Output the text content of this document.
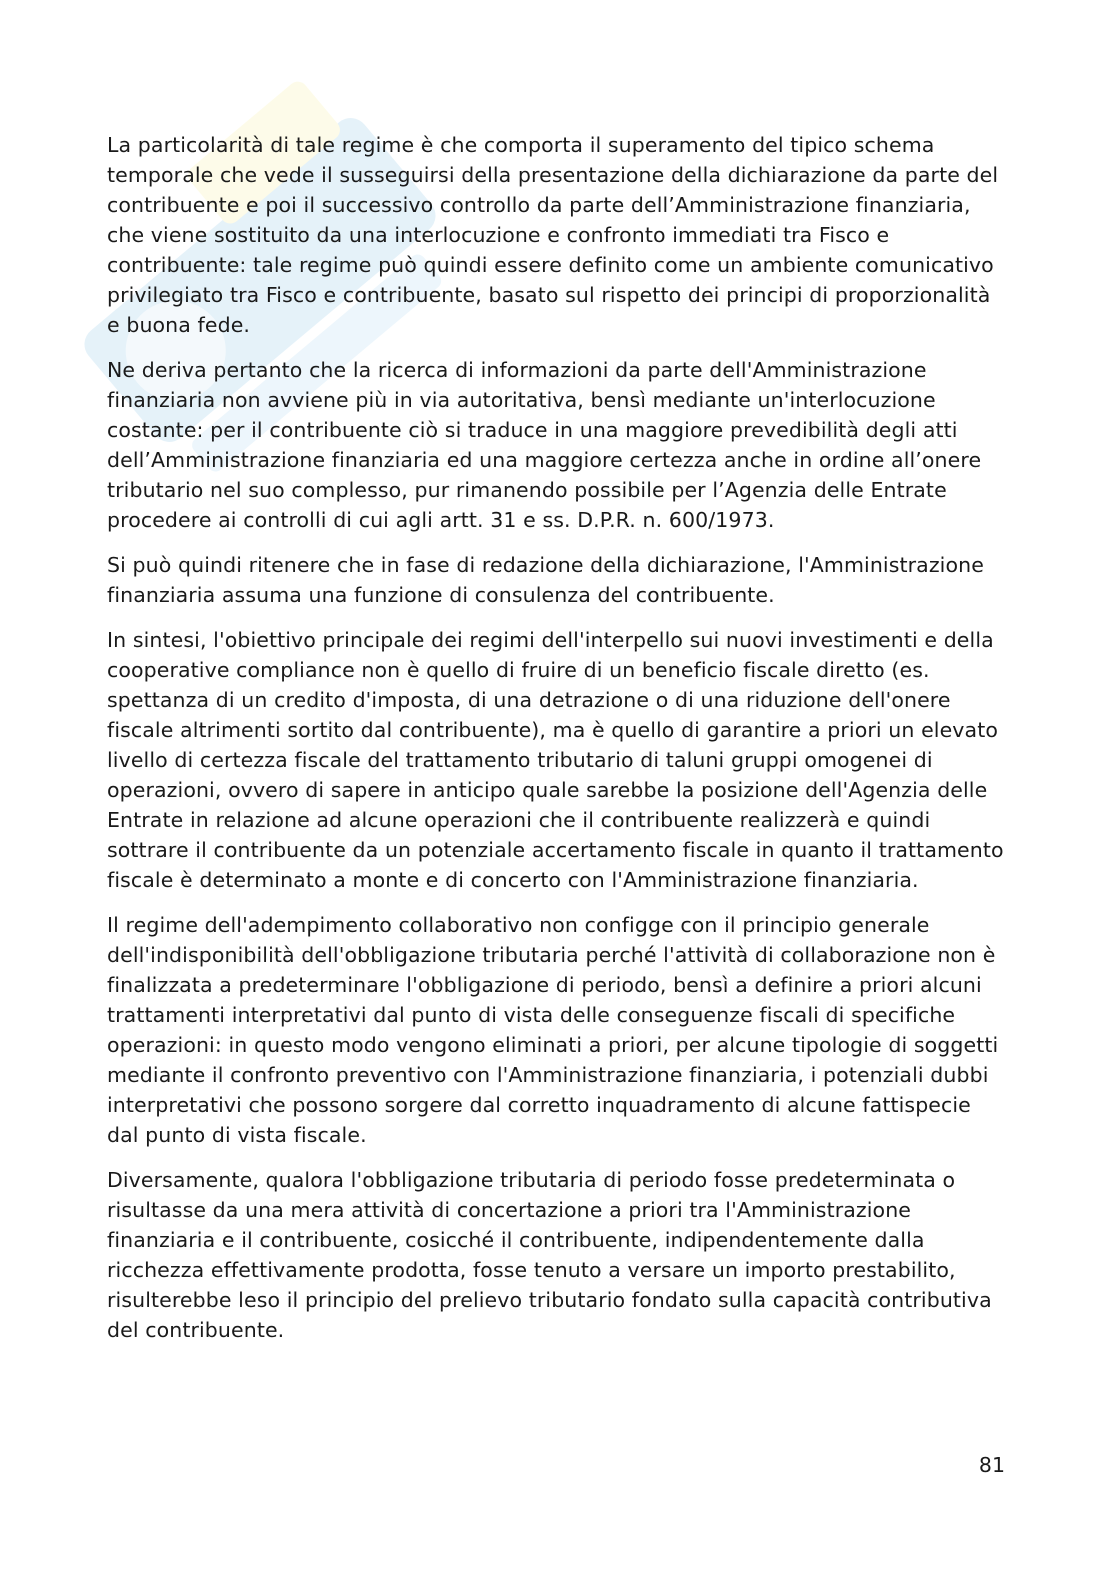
La particolarità di tale regime è che comporta il superamento del tipico schema temporale che vede il susseguirsi della presentazione della dichiarazione da parte del contribuente e poi il successivo controllo da parte dell’Amministrazione finanziaria, che viene sostituito da una interlocuzione e confronto immediati tra Fisco e contribuente: tale regime può quindi essere definito come un ambiente comunicativo privilegiato tra Fisco e contribuente, basato sul rispetto dei principi di proporzionalità e buona fede.

Ne deriva pertanto che la ricerca di informazioni da parte dell'Amministrazione finanziaria non avviene più in via autoritativa, bensì mediante un'interlocuzione costante: per il contribuente ciò si traduce in una maggiore prevedibilità degli atti dell’Amministrazione finanziaria ed una maggiore certezza anche in ordine all’onere tributario nel suo complesso, pur rimanendo possibile per l’Agenzia delle Entrate procedere ai controlli di cui agli artt. 31 e ss. D.P.R. n. 600/1973.

Si può quindi ritenere che in fase di redazione della dichiarazione, l'Amministrazione finanziaria assuma una funzione di consulenza del contribuente.

In sintesi, l'obiettivo principale dei regimi dell'interpello sui nuovi investimenti e della cooperative compliance non è quello di fruire di un beneficio fiscale diretto (es. spettanza di un credito d'imposta, di una detrazione o di una riduzione dell'onere fiscale altrimenti sortito dal contribuente), ma è quello di garantire a priori un elevato livello di certezza fiscale del trattamento tributario di taluni gruppi omogenei di operazioni, ovvero di sapere in anticipo quale sarebbe la posizione dell'Agenzia delle Entrate in relazione ad alcune operazioni che il contribuente realizzerà e quindi sottrare il contribuente da un potenziale accertamento fiscale in quanto il trattamento fiscale è determinato a monte e di concerto con l'Amministrazione finanziaria.

Il regime dell'adempimento collaborativo non configge con il principio generale dell'indisponibilità dell'obbligazione tributaria perché l'attività di collaborazione non è finalizzata a predeterminare l'obbligazione di periodo, bensì a definire a priori alcuni trattamenti interpretativi dal punto di vista delle conseguenze fiscali di specifiche operazioni: in questo modo vengono eliminati a priori, per alcune tipologie di soggetti mediante il confronto preventivo con l'Amministrazione finanziaria, i potenziali dubbi interpretativi che possono sorgere dal corretto inquadramento di alcune fattispecie dal punto di vista fiscale.

Diversamente, qualora l'obbligazione tributaria di periodo fosse predeterminata o risultasse da una mera attività di concertazione a priori tra l'Amministrazione finanziaria e il contribuente, cosicché il contribuente, indipendentemente dalla ricchezza effettivamente prodotta, fosse tenuto a versare un importo prestabilito, risulterebbe leso il principio del prelievo tributario fondato sulla capacità contributiva del contribuente.

81
